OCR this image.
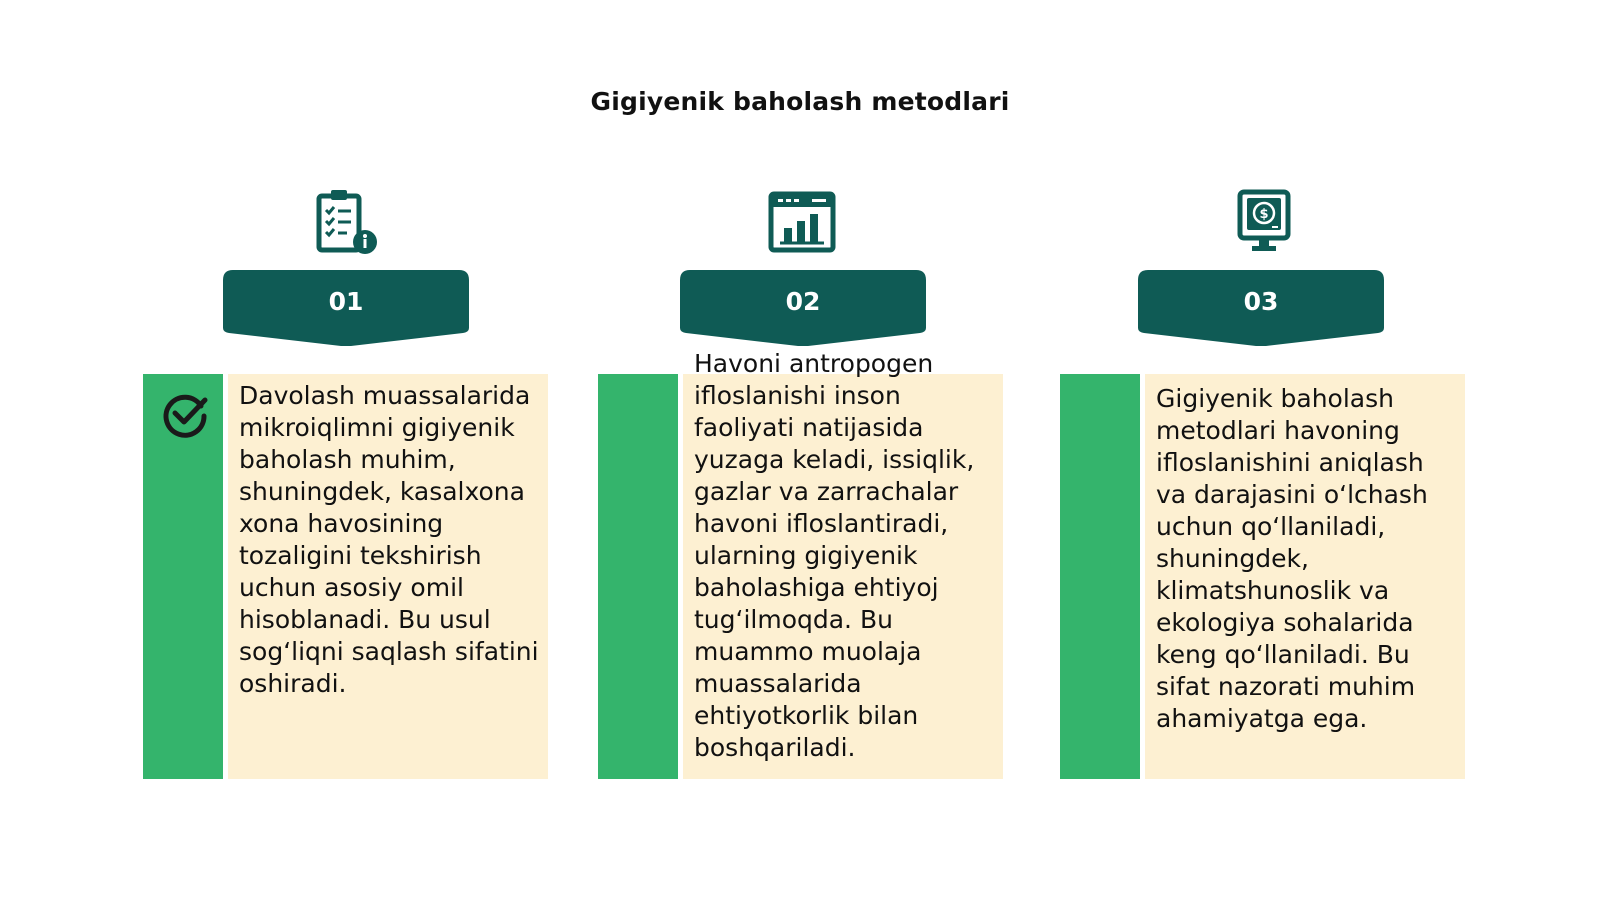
Gigiyenik baholash metodlari
01

Davolash muassalarida mikroiqlimni gigiyenik baholash muhim, shuningdek, kasalxona xona havosining tozaligini tekshirish uchun asosiy omil hisoblanadi. Bu usul sog‘liqni saqlash sifatini oshiradi.

02

Havoni antropogen ifloslanishi inson faoliyati natijasida yuzaga keladi, issiqlik, gazlar va zarrachalar havoni ifloslantiradi, ularning gigiyenik baholashiga ehtiyoj tug‘ilmoqda. Bu muammo muolaja muassalarida ehtiyotkorlik bilan boshqariladi.

$
03

Gigiyenik baholash metodlari havoning ifloslanishini aniqlash va darajasini o‘lchash uchun qo‘llaniladi, shuningdek, klimatshunoslik va ekologiya sohalarida keng qo‘llaniladi. Bu sifat nazorati muhim ahamiyatga ega.
